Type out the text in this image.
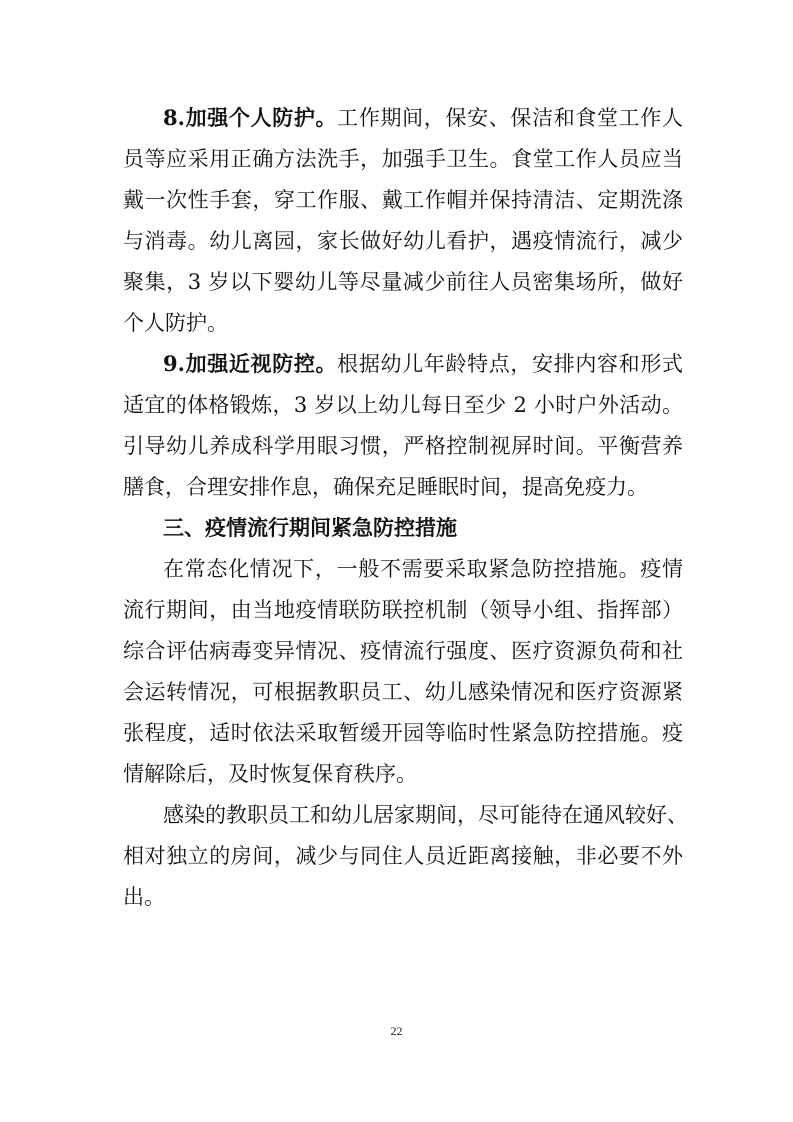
8.加强个人防护。工作期间，保安、保洁和食堂工作人
员等应采用正确方法洗手，加强手卫生。食堂工作人员应当
戴一次性手套，穿工作服、戴工作帽并保持清洁、定期洗涤
与消毒。幼儿离园，家长做好幼儿看护，遇疫情流行，减少
聚集，3 岁以下婴幼儿等尽量减少前往人员密集场所，做好
个人防护。
9.加强近视防控。根据幼儿年龄特点，安排内容和形式
适宜的体格锻炼，3 岁以上幼儿每日至少 2 小时户外活动。
引导幼儿养成科学用眼习惯，严格控制视屏时间。平衡营养
膳食，合理安排作息，确保充足睡眠时间，提高免疫力。
三、疫情流行期间紧急防控措施
在常态化情况下，一般不需要采取紧急防控措施。疫情
流行期间，由当地疫情联防联控机制（领导小组、指挥部）
综合评估病毒变异情况、疫情流行强度、医疗资源负荷和社
会运转情况，可根据教职员工、幼儿感染情况和医疗资源紧
张程度，适时依法采取暂缓开园等临时性紧急防控措施。疫
情解除后，及时恢复保育秩序。
感染的教职员工和幼儿居家期间，尽可能待在通风较好、
相对独立的房间，减少与同住人员近距离接触，非必要不外
出。
22
